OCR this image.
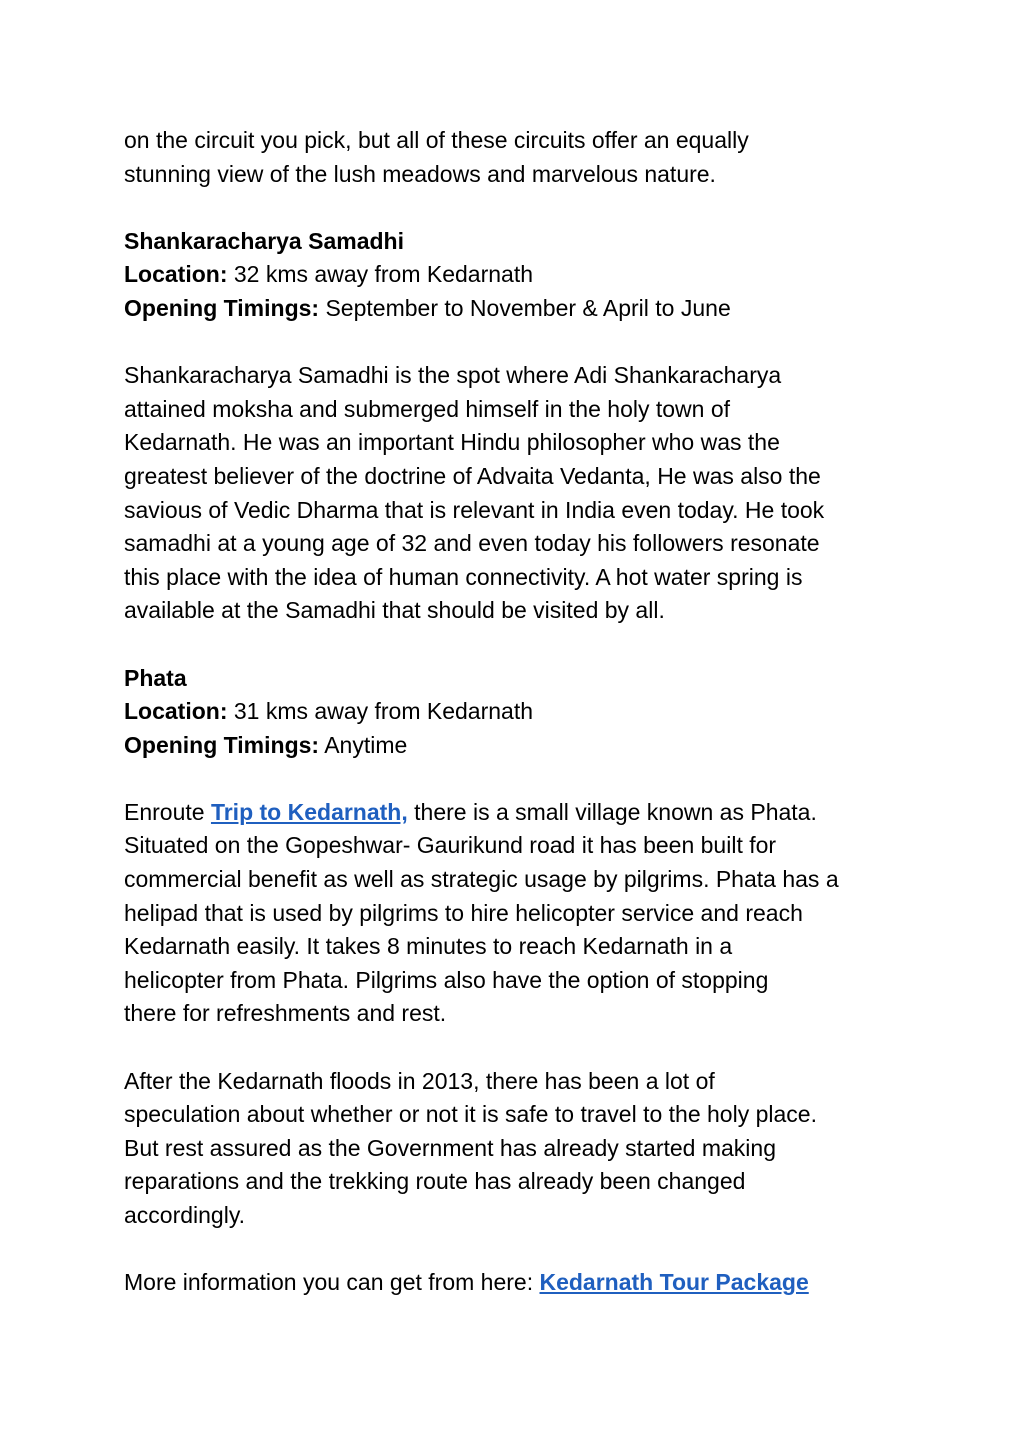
on the circuit you pick, but all of these circuits offer an equally
stunning view of the lush meadows and marvelous nature.

Shankaracharya Samadhi
Location: 32 kms away from Kedarnath
Opening Timings: September to November & April to June

Shankaracharya Samadhi is the spot where Adi Shankaracharya
attained moksha and submerged himself in the holy town of
Kedarnath. He was an important Hindu philosopher who was the
greatest believer of the doctrine of Advaita Vedanta, He was also the
savious of Vedic Dharma that is relevant in India even today. He took
samadhi at a young age of 32 and even today his followers resonate
this place with the idea of human connectivity. A hot water spring is
available at the Samadhi that should be visited by all.

Phata
Location: 31 kms away from Kedarnath
Opening Timings: Anytime

Enroute Trip to Kedarnath, there is a small village known as Phata.
Situated on the Gopeshwar- Gaurikund road it has been built for
commercial benefit as well as strategic usage by pilgrims. Phata has a
helipad that is used by pilgrims to hire helicopter service and reach
Kedarnath easily. It takes 8 minutes to reach Kedarnath in a
helicopter from Phata. Pilgrims also have the option of stopping
there for refreshments and rest.

After the Kedarnath floods in 2013, there has been a lot of
speculation about whether or not it is safe to travel to the holy place.
But rest assured as the Government has already started making
reparations and the trekking route has already been changed
accordingly.

More information you can get from here: Kedarnath Tour Package
